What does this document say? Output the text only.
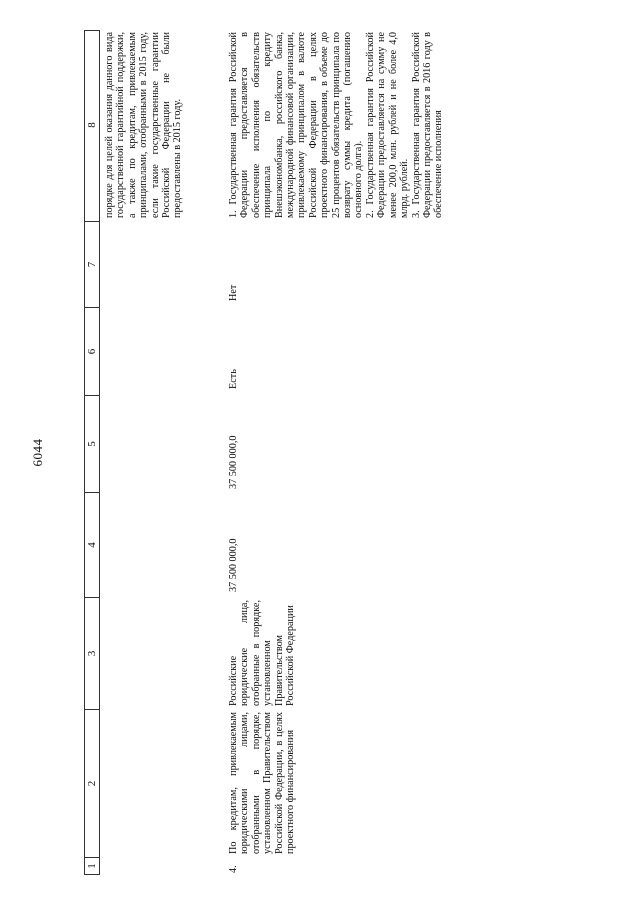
6044
1
2
3
4
5
6
7
8 порядке для целей оказания данного вида государственной гарантийной поддержки, а также по кредитам, привлекаемым принципалами, отобранными в 2015 году, если такие государственные гарантии Российской Федерации не были предоставлены в 2015 году.
4.
По кредитам, привлекаемым юридическими лицами, отобранными в порядке, установленном Правительством Российской Федерации, в целях проектного финансирования
Российские юридические лица, отобранные в порядке, установленном Правительством Российской Федерации
37 500 000,0
37 500 000,0
Есть
Нет
1. Государственная гарантия Российской Федерации предоставляется в обеспечение исполнения обязательств принципала по кредиту Внешэкономбанка, российского банка, международной финансовой организации, привлекаемому принципалом в валюте Российской Федерации в целях проектного финансирования, в объеме до 25 процентов обязательств принципала по возврату суммы кредита (погашению основного долга).
2. Государственная гарантия Российской Федерации предоставляется на сумму не менее 200,0 млн. рублей и не более 4,0 млрд. рублей.
3. Государственная гарантия Российской Федерации предоставляется в 2016 году в обеспечение исполнения
